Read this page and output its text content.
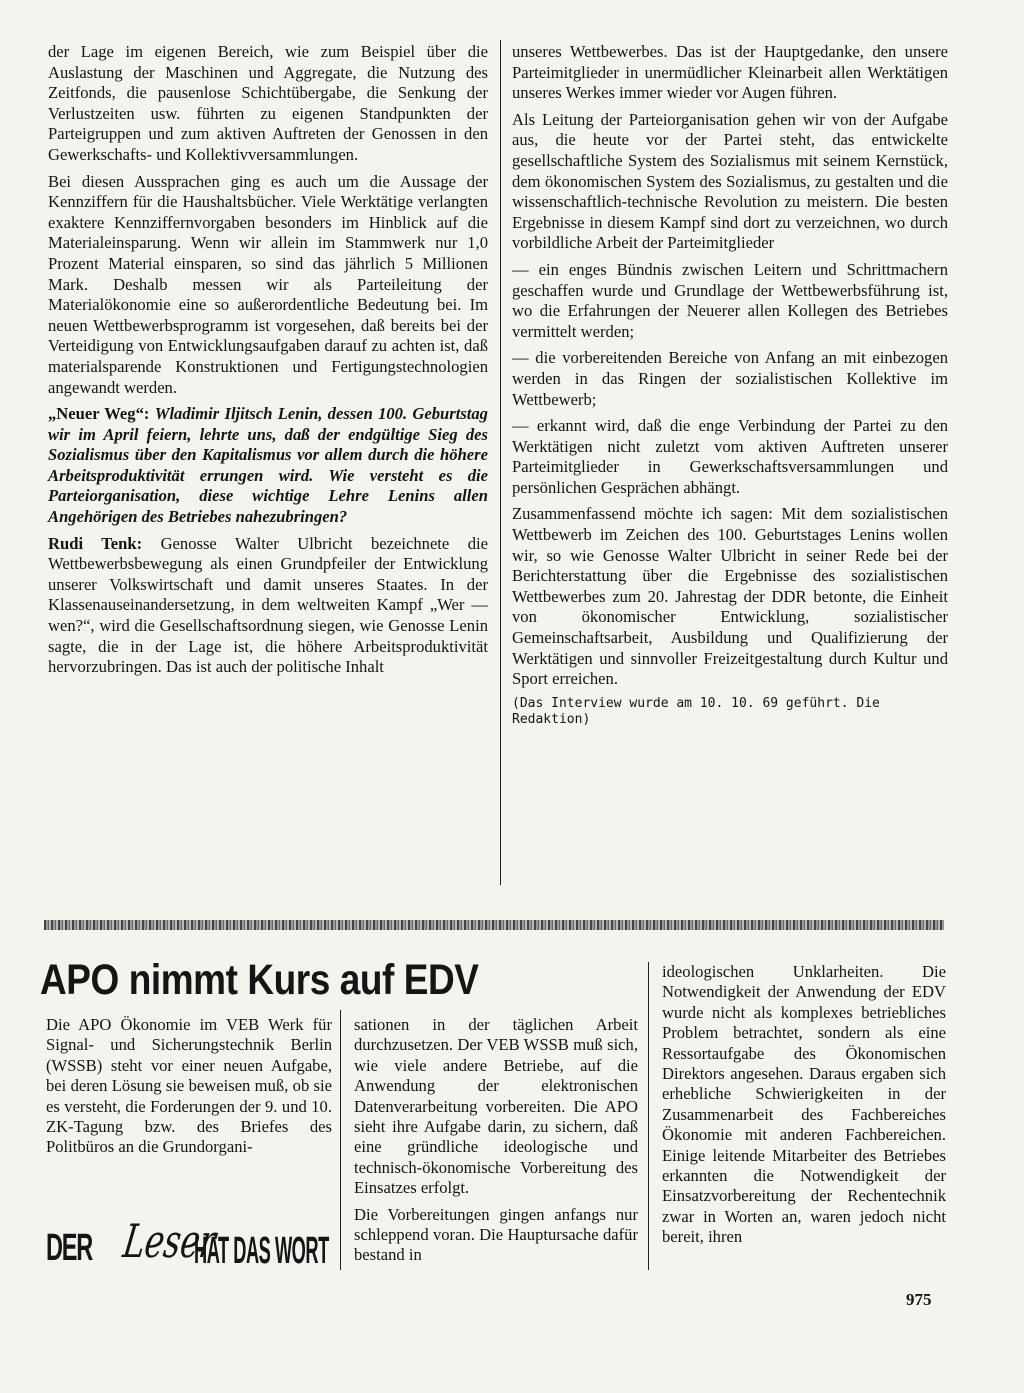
der Lage im eigenen Bereich, wie zum Beispiel über die Auslastung der Maschinen und Aggregate, die Nutzung des Zeitfonds, die pausenlose Schichtübergabe, die Senkung der Verlustzeiten usw. führten zu eigenen Standpunkten der Parteigruppen und zum aktiven Auftreten der Genossen in den Gewerkschafts- und Kollektivversammlungen.

Bei diesen Aussprachen ging es auch um die Aussage der Kennziffern für die Haushaltsbücher. Viele Werktätige verlangten exaktere Kennziffernvorgaben besonders im Hinblick auf die Materialeinsparung. Wenn wir allein im Stammwerk nur 1,0 Prozent Material einsparen, so sind das jährlich 5 Millionen Mark. Deshalb messen wir als Parteileitung der Materialökonomie eine so außerordentliche Bedeutung bei. Im neuen Wettbewerbsprogramm ist vorgesehen, daß bereits bei der Verteidigung von Entwicklungsaufgaben darauf zu achten ist, daß materialsparende Konstruktionen und Fertigungstechnologien angewandt werden.

„Neuer Weg“: Wladimir Iljitsch Lenin, dessen 100. Geburtstag wir im April feiern, lehrte uns, daß der endgültige Sieg des Sozialismus über den Kapitalismus vor allem durch die höhere Arbeitsproduktivität errungen wird. Wie versteht es die Parteiorganisation, diese wichtige Lehre Lenins allen Angehörigen des Betriebes nahezubringen?

Rudi Tenk: Genosse Walter Ulbricht bezeichnete die Wettbewerbsbewegung als einen Grundpfeiler der Entwicklung unserer Volkswirtschaft und damit unseres Staates. In der Klassenauseinandersetzung, in dem weltweiten Kampf „Wer — wen?“, wird die Gesellschaftsordnung siegen, wie Genosse Lenin sagte, die in der Lage ist, die höhere Arbeitsproduktivität hervorzubringen. Das ist auch der politische Inhalt

unseres Wettbewerbes. Das ist der Hauptgedanke, den unsere Parteimitglieder in unermüdlicher Kleinarbeit allen Werktätigen unseres Werkes immer wieder vor Augen führen.

Als Leitung der Parteiorganisation gehen wir von der Aufgabe aus, die heute vor der Partei steht, das entwickelte gesellschaftliche System des Sozialismus mit seinem Kernstück, dem ökonomischen System des Sozialismus, zu gestalten und die wissenschaftlich-technische Revolution zu meistern. Die besten Ergebnisse in diesem Kampf sind dort zu verzeichnen, wo durch vorbildliche Arbeit der Parteimitglieder

— ein enges Bündnis zwischen Leitern und Schrittmachern geschaffen wurde und Grundlage der Wettbewerbsführung ist, wo die Erfahrungen der Neuerer allen Kollegen des Betriebes vermittelt werden;

— die vorbereitenden Bereiche von Anfang an mit einbezogen werden in das Ringen der sozialistischen Kollektive im Wettbewerb;

— erkannt wird, daß die enge Verbindung der Partei zu den Werktätigen nicht zuletzt vom aktiven Auftreten unserer Parteimitglieder in Gewerkschaftsversammlungen und persönlichen Gesprächen abhängt.

Zusammenfassend möchte ich sagen: Mit dem sozialistischen Wettbewerb im Zeichen des 100. Geburtstages Lenins wollen wir, so wie Genosse Walter Ulbricht in seiner Rede bei der Berichterstattung über die Ergebnisse des sozialistischen Wettbewerbes zum 20. Jahrestag der DDR betonte, die Einheit von ökonomischer Entwicklung, sozialistischer Gemeinschaftsarbeit, Ausbildung und Qualifizierung der Werktätigen und sinnvoller Freizeitgestaltung durch Kultur und Sport erreichen.

(Das Interview wurde am 10. 10. 69 geführt. Die Redaktion)

APO nimmt Kurs auf EDV

Die APO Ökonomie im VEB Werk für Signal- und Sicherungstechnik Berlin (WSSB) steht vor einer neuen Aufgabe, bei deren Lösung sie beweisen muß, ob sie es versteht, die Forderungen der 9. und 10. ZK-Tagung bzw. des Briefes des Politbüros an die Grundorgani-

sationen in der täglichen Arbeit durchzusetzen. Der VEB WSSB muß sich, wie viele andere Betriebe, auf die Anwendung der elektronischen Datenverarbeitung vorbereiten. Die APO sieht ihre Aufgabe darin, zu sichern, daß eine gründliche ideologische und technisch-ökonomische Vorbereitung des Einsatzes erfolgt.

Die Vorbereitungen gingen anfangs nur schleppend voran. Die Hauptursache dafür bestand in

ideologischen Unklarheiten. Die Notwendigkeit der Anwendung der EDV wurde nicht als komplexes betriebliches Problem betrachtet, sondern als eine Ressortaufgabe des Ökonomischen Direktors angesehen. Daraus ergaben sich erhebliche Schwierigkeiten in der Zusammenarbeit des Fachbereiches Ökonomie mit anderen Fachbereichen. Einige leitende Mitarbeiter des Betriebes erkannten die Notwendigkeit der Einsatzvorbereitung der Rechentechnik zwar in Worten an, waren jedoch nicht bereit, ihren

DER Leser
HAT DAS WORT
975
